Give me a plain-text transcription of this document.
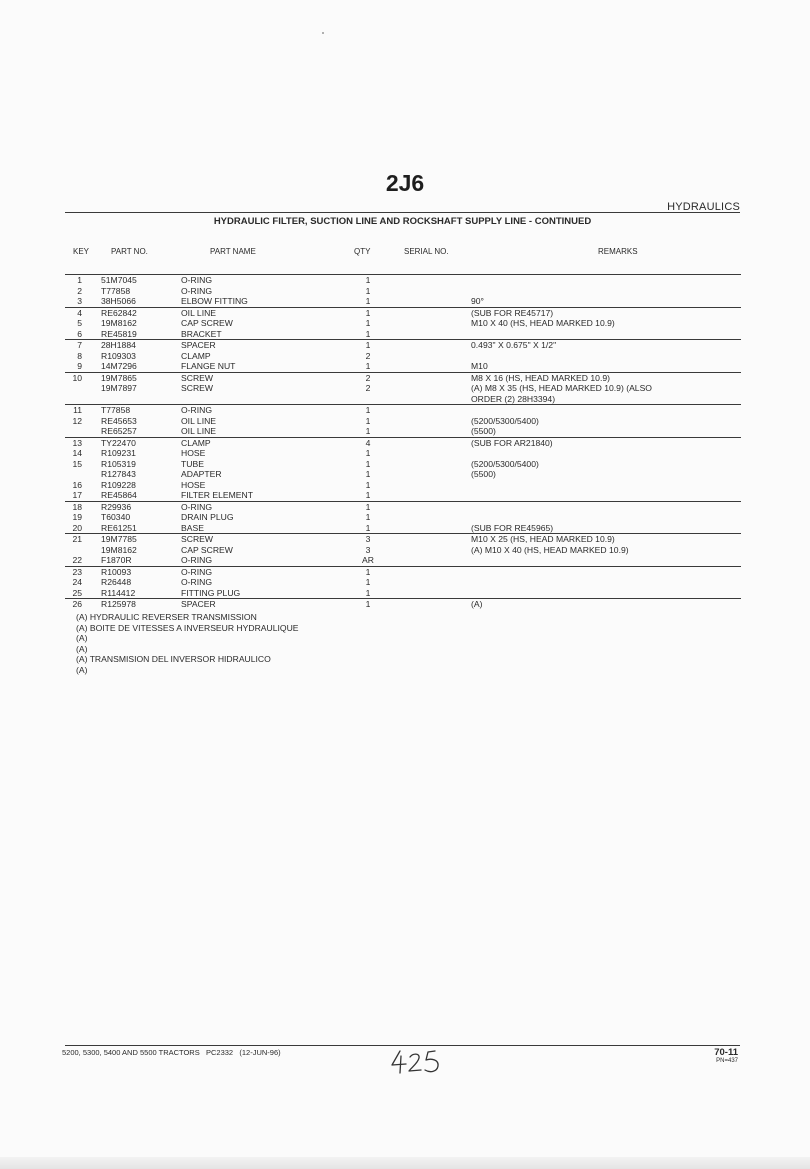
2J6
HYDRAULICS
HYDRAULIC FILTER, SUCTION LINE AND ROCKSHAFT SUPPLY LINE - CONTINUED
KEY	PART NO.	PART NAME	QTY	SERIAL NO.	REMARKS
1 51M7045	O-RING	1
2 T77858	O-RING	1
3 38H5066	ELBOW FITTING	1	90°
4 RE62842	OIL LINE	1	(SUB FOR RE45717)
5 19M8162	CAP SCREW	1	M10 X 40 (HS, HEAD MARKED 10.9)
6 RE45819	BRACKET	1
7 28H1884	SPACER	1	0.493" X 0.675" X 1/2"
8 R109303	CLAMP	2
9 14M7296	FLANGE NUT	1	M10
10 19M7865	SCREW	2	M8 X 16 (HS, HEAD MARKED 10.9)
19M7897	SCREW	2	(A) M8 X 35 (HS, HEAD MARKED 10.9) (ALSO
ORDER (2) 28H3394)
11 T77858	O-RING	1
12 RE45653	OIL LINE	1	(5200/5300/5400)
RE65257	OIL LINE	1	(5500)
13 TY22470	CLAMP	4	(SUB FOR AR21840)
14 R109231	HOSE	1
15 R105319	TUBE	1	(5200/5300/5400)
R127843	ADAPTER	1	(5500)
16 R109228	HOSE	1
17 RE45864	FILTER ELEMENT	1
18 R29936	O-RING	1
19 T60340	DRAIN PLUG	1
20 RE61251	BASE	1	(SUB FOR RE45965)
21 19M7785	SCREW	3	M10 X 25 (HS, HEAD MARKED 10.9)
19M8162	CAP SCREW	3	(A) M10 X 40 (HS, HEAD MARKED 10.9)
22 F1870R	O-RING	AR
23 R10093	O-RING	1
24 R26448	O-RING	1
25 R114412	FITTING PLUG	1
26 R125978	SPACER	1	(A)
(A) HYDRAULIC REVERSER TRANSMISSION
(A) BOITE DE VITESSES A INVERSEUR HYDRAULIQUE
(A)
(A)
(A) TRANSMISION DEL INVERSOR HIDRAULICO
(A)
5200, 5300, 5400 AND 5500 TRACTORS PC2332 (12-JUN-96)	70-11
PN=437
